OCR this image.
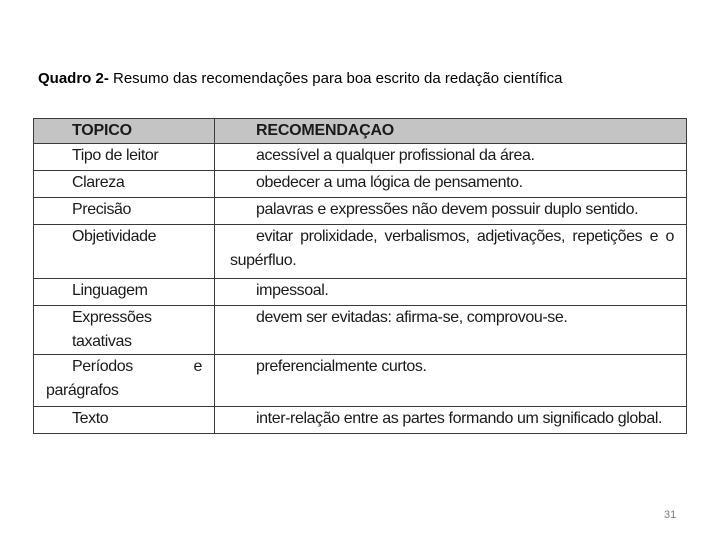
Quadro 2- Resumo das recomendações para boa escrito da redação científica
TOPICO	RECOMENDAÇAO
Tipo de leitor	acessível a qualquer profissional da área.
Clareza	obedecer a uma lógica de pensamento.
Precisão	palavras e expressões não devem possuir duplo sentido.
Objetividade	evitar prolixidade, verbalismos, adjetivações, repetições e o
supérfluo.

Linguagem	impessoal.
Expressões taxativas	devem ser evitadas: afirma-se, comprovou-se.

Períodos e
parágrafos	preferencialmente curtos.
Texto	inter-relação entre as partes formando um significado global.
31
